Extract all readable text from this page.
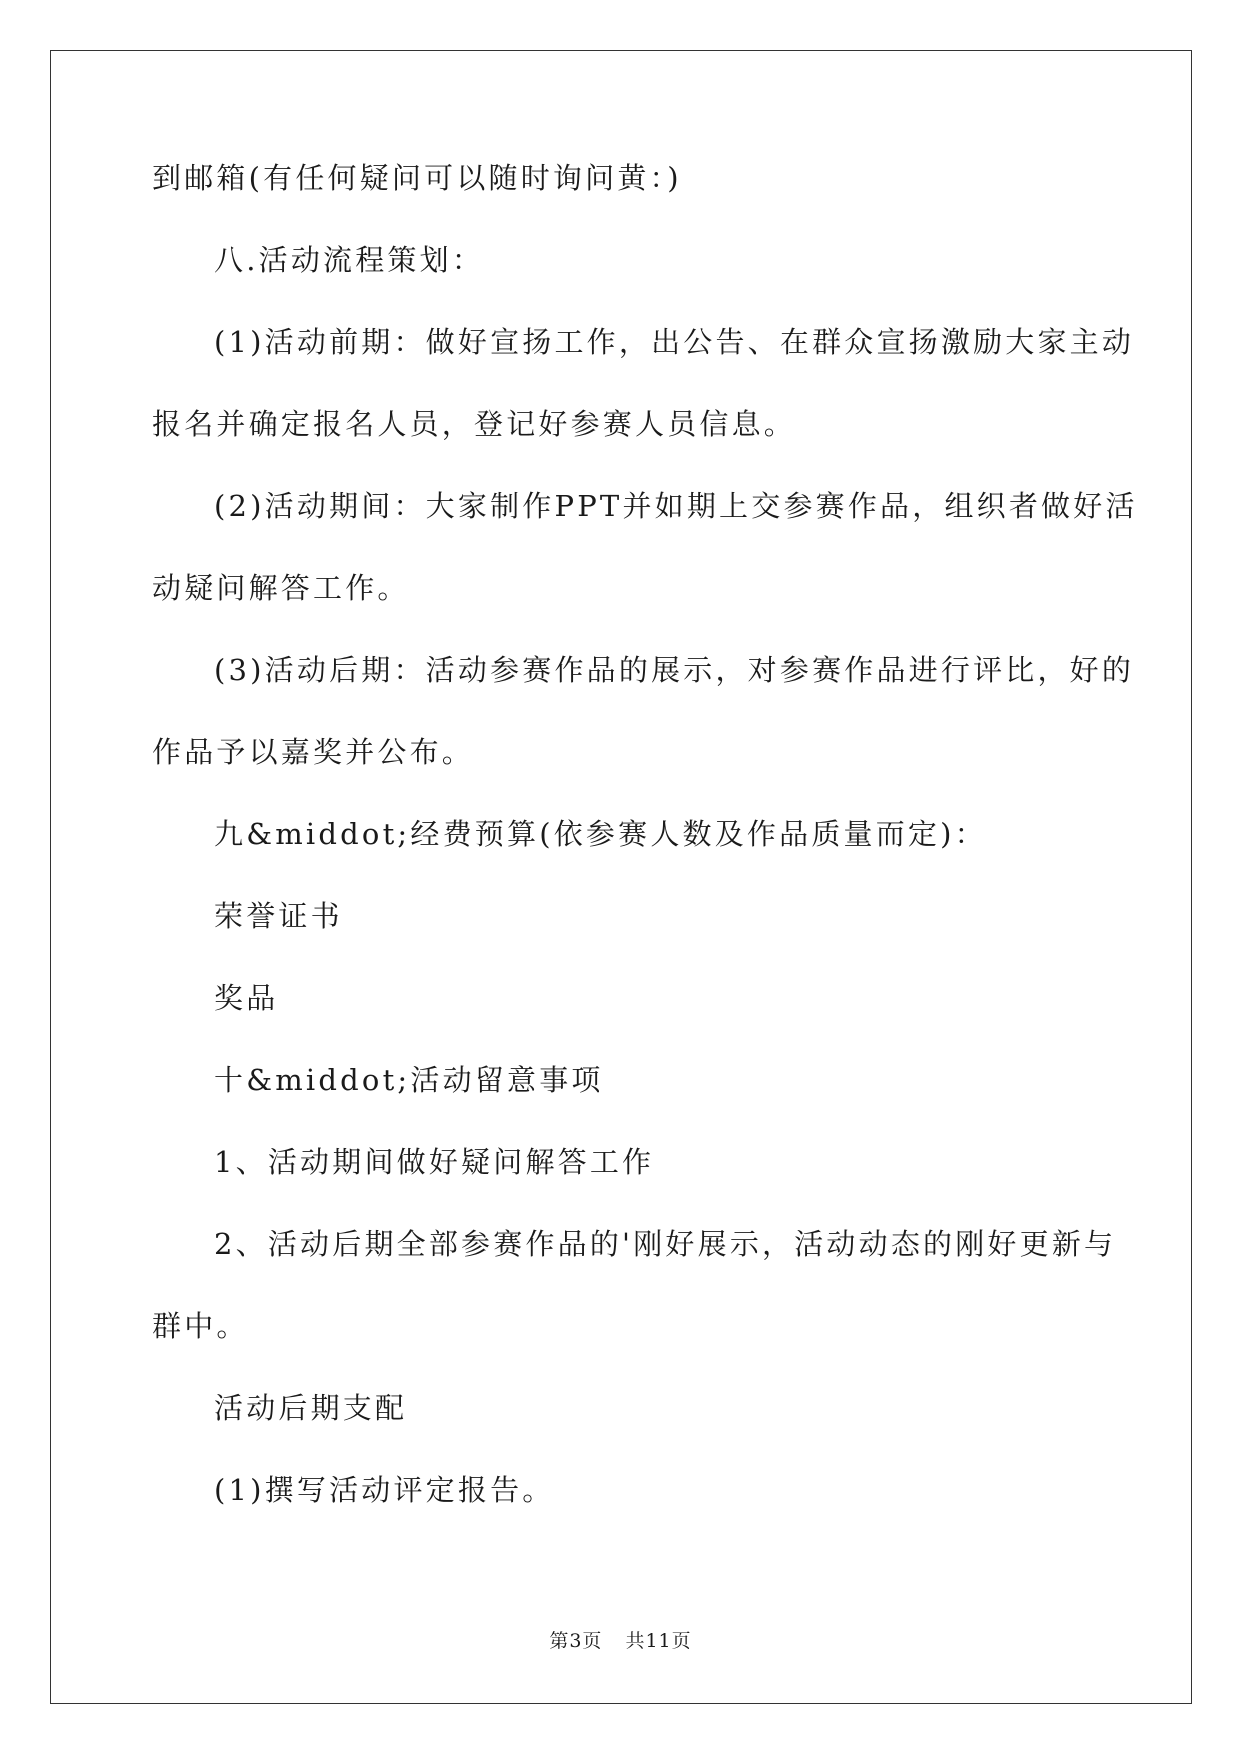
到邮箱(有任何疑问可以随时询问黄：)
八.活动流程策划：
(1)活动前期：做好宣扬工作，出公告、在群众宣扬激励大家主动
报名并确定报名人员，登记好参赛人员信息。
(2)活动期间：大家制作PPT并如期上交参赛作品，组织者做好活
动疑问解答工作。
(3)活动后期：活动参赛作品的展示，对参赛作品进行评比，好的
作品予以嘉奖并公布。
九&middot;经费预算(依参赛人数及作品质量而定)：
荣誉证书
奖品
十&middot;活动留意事项
1、活动期间做好疑问解答工作
2、活动后期全部参赛作品的'刚好展示，活动动态的刚好更新与
群中。
活动后期支配
(1)撰写活动评定报告。
第3页 共11页
